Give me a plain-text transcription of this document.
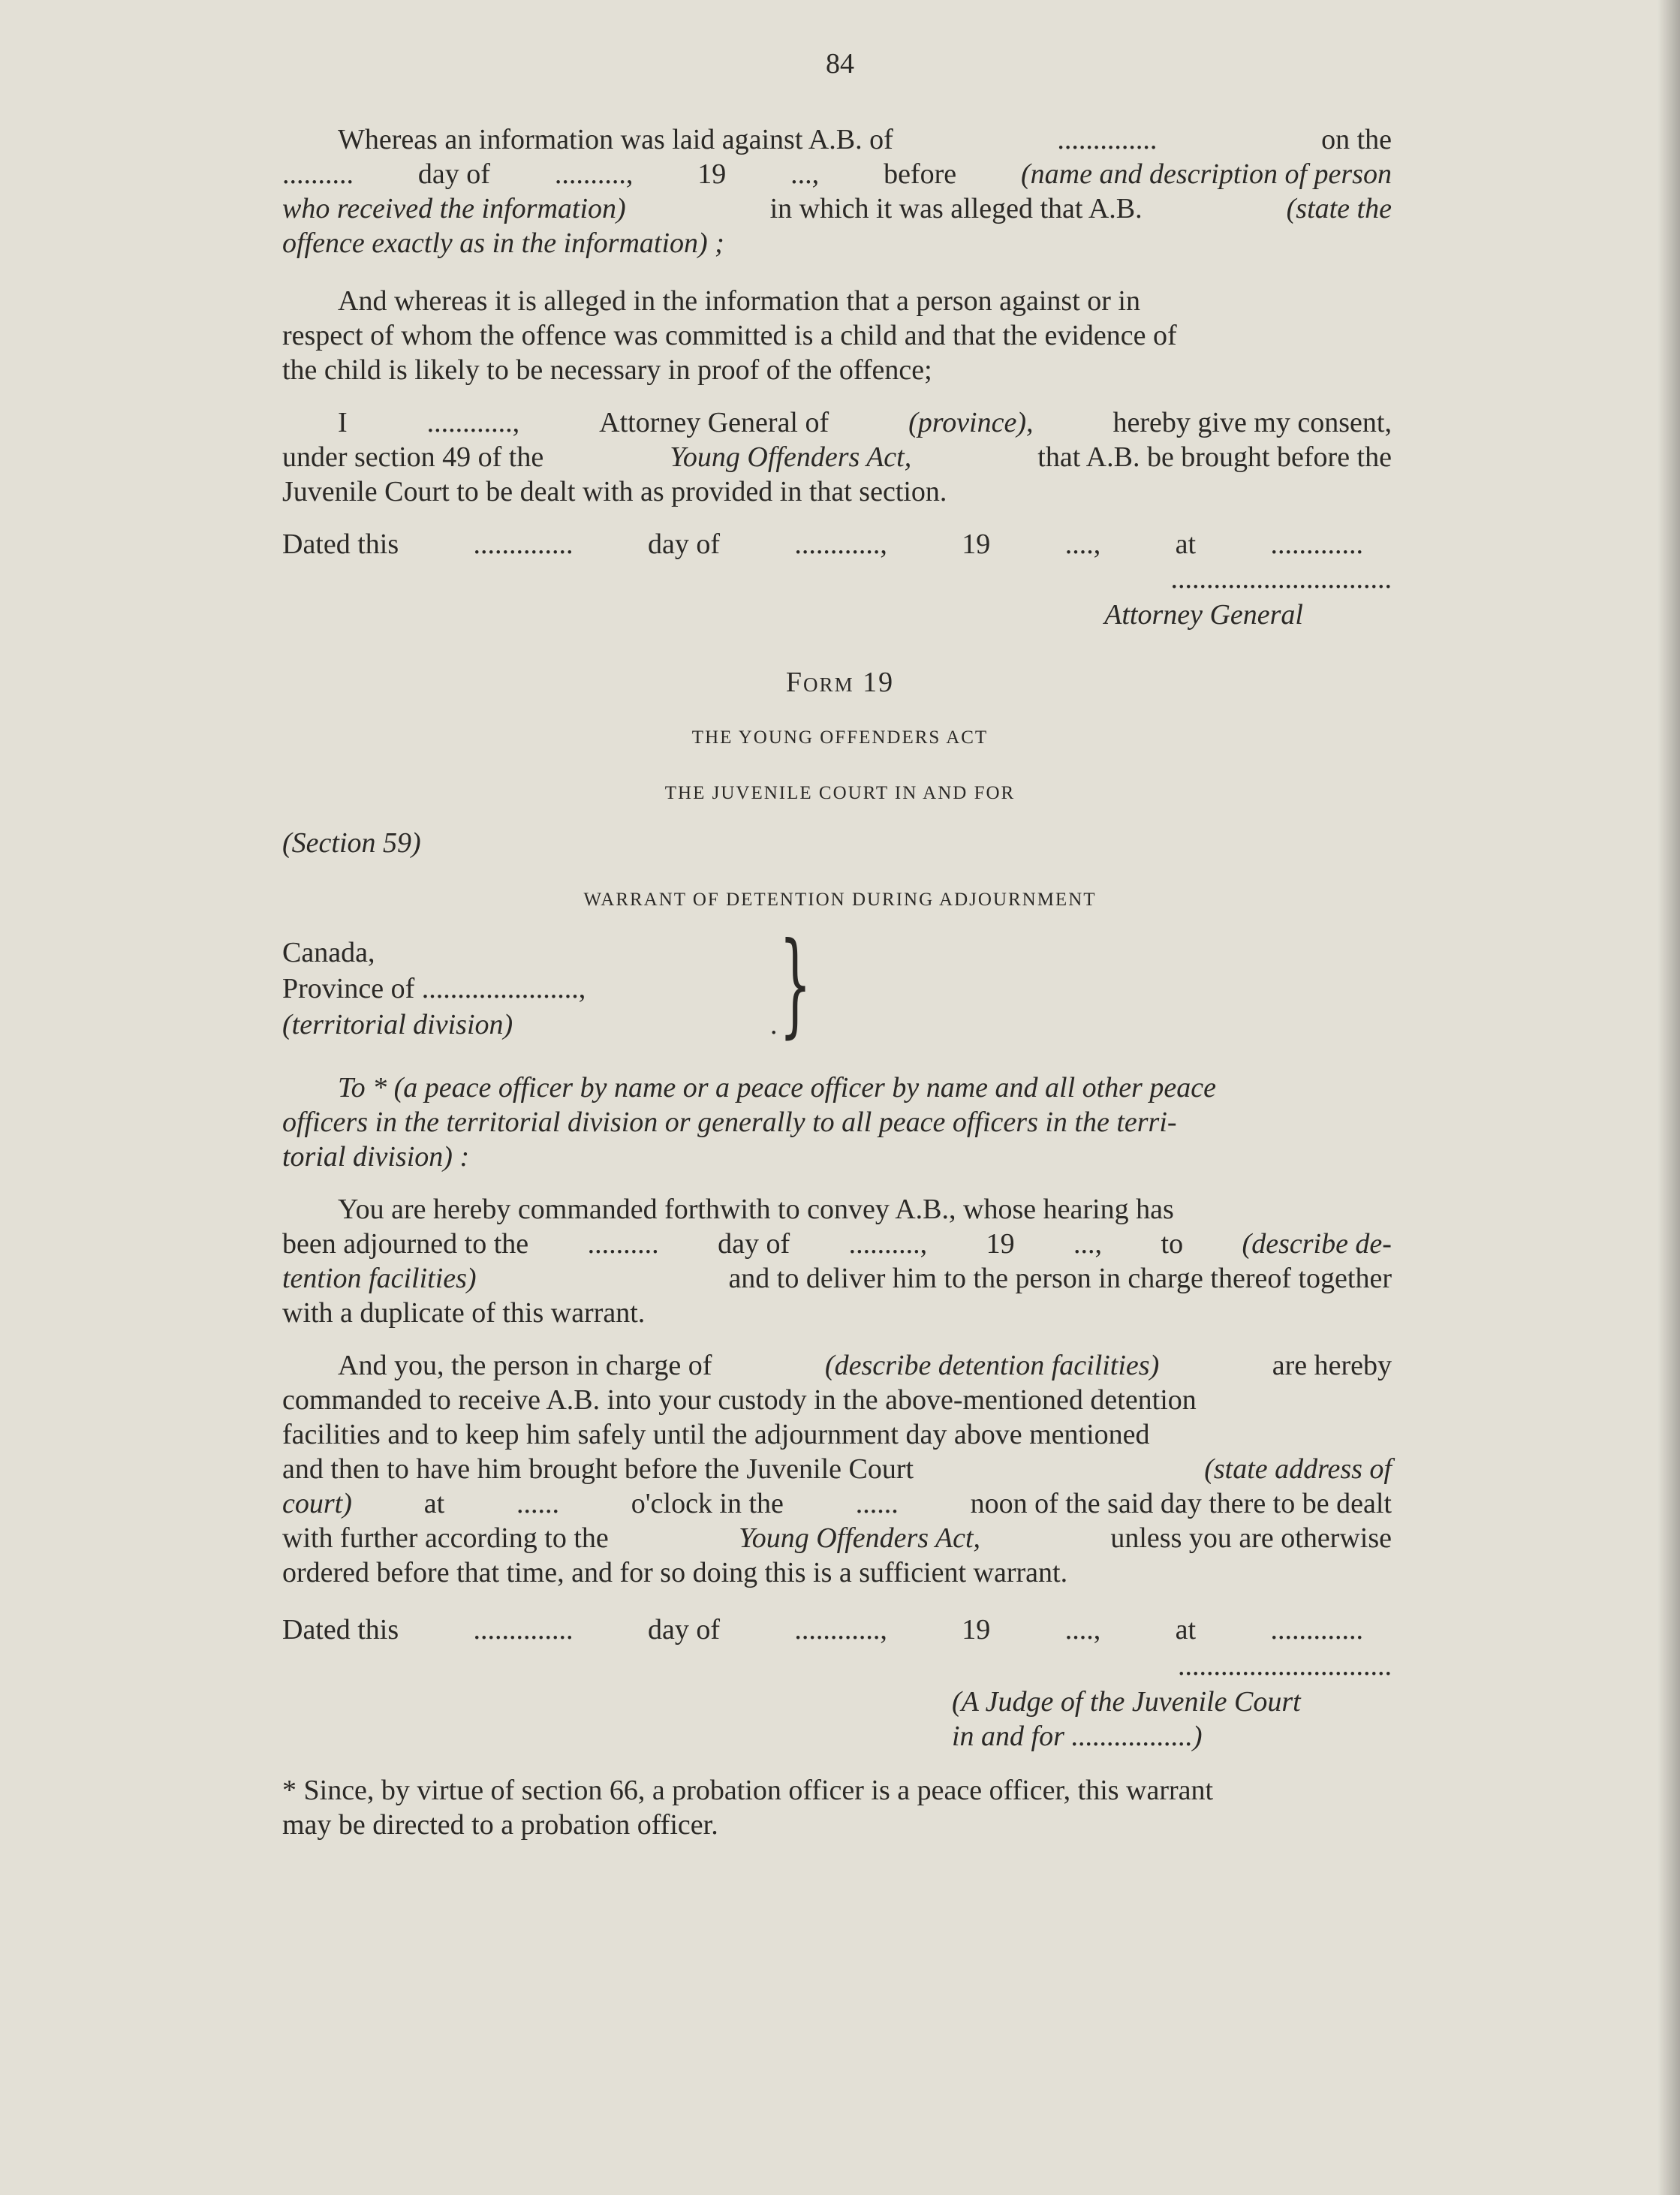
84
Whereas an information was laid against A.B. of	..............	on the
.......... day of .........., 19 ..., before (name and description of person
who received the information)	in which it was alleged that A.B.	(state the
offence exactly as in the information) ;
And whereas it is alleged in the information that a person against or in
respect of whom the offence was committed is a child and that the evidence of
the child is likely to be necessary in proof of the offence;
I	............,	Attorney General of	(province),	hereby give my consent,
under section 49 of the	Young Offenders Act,	that A.B. be brought before the
Juvenile Court to be dealt with as provided in that section.
Dated this	..............	day of	............,	19	....,	at	.............
...............................
Attorney General
Form 19
THE YOUNG OFFENDERS ACT
THE JUVENILE COURT IN AND FOR
(Section 59)
WARRANT OF DETENTION DURING ADJOURNMENT
Canada,
Province of ......................,
(territorial division)	. }
To * (a peace officer by name or a peace officer by name and all other peace
officers in the territorial division or generally to all peace officers in the terri-
torial division) :
You are hereby commanded forthwith to convey A.B., whose hearing has
been adjourned to the .......... day of .........., 19 ..., to (describe de-
tention facilities)	and to deliver him to the person in charge thereof together
with a duplicate of this warrant.
And you, the person in charge of	(describe detention facilities)	are hereby
commanded to receive A.B. into your custody in the above-mentioned detention
facilities and to keep him safely until the adjournment day above mentioned
and then to have him brought before the Juvenile Court	(state address of
court)	at	......	o'clock in the	......	noon of the said day there to be dealt
with further according to the	Young Offenders Act,	unless you are otherwise
ordered before that time, and for so doing this is a sufficient warrant.
Dated this	..............	day of	............,	19	....,	at	.............
..............................
(A Judge of the Juvenile Court
in and for .................)
* Since, by virtue of section 66, a probation officer is a peace officer, this warrant
may be directed to a probation officer.
